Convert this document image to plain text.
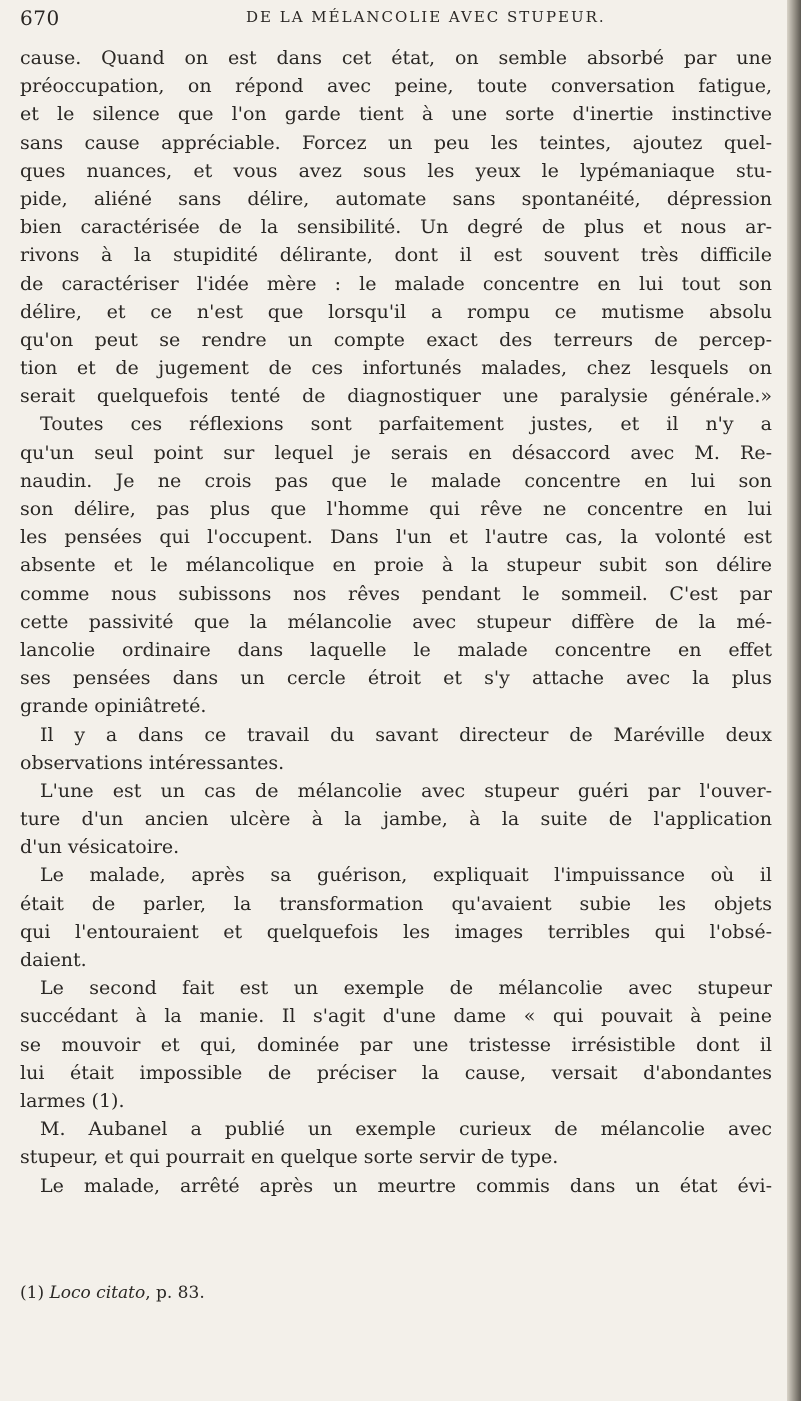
670	DE LA MÉLANCOLIE AVEC STUPEUR.
cause. Quand on est dans cet état, on semble absorbé par une
préoccupation, on répond avec peine, toute conversation fatigue,
et le silence que l'on garde tient à une sorte d'inertie instinctive
sans cause appréciable. Forcez un peu les teintes, ajoutez quel-
ques nuances, et vous avez sous les yeux le lypémaniaque stu-
pide, aliéné sans délire, automate sans spontanéité, dépression
bien caractérisée de la sensibilité. Un degré de plus et nous ar-
rivons à la stupidité délirante, dont il est souvent très difficile
de caractériser l'idée mère : le malade concentre en lui tout son
délire, et ce n'est que lorsqu'il a rompu ce mutisme absolu
qu'on peut se rendre un compte exact des terreurs de percep-
tion et de jugement de ces infortunés malades, chez lesquels on
serait quelquefois tenté de diagnostiquer une paralysie générale.»
Toutes ces réflexions sont parfaitement justes, et il n'y a
qu'un seul point sur lequel je serais en désaccord avec M. Re-
naudin. Je ne crois pas que le malade concentre en lui son
son délire, pas plus que l'homme qui rêve ne concentre en lui
les pensées qui l'occupent. Dans l'un et l'autre cas, la volonté est
absente et le mélancolique en proie à la stupeur subit son délire
comme nous subissons nos rêves pendant le sommeil. C'est par
cette passivité que la mélancolie avec stupeur diffère de la mé-
lancolie ordinaire dans laquelle le malade concentre en effet
ses pensées dans un cercle étroit et s'y attache avec la plus
grande opiniâtreté.
Il y a dans ce travail du savant directeur de Maréville deux
observations intéressantes.
L'une est un cas de mélancolie avec stupeur guéri par l'ouver-
ture d'un ancien ulcère à la jambe, à la suite de l'application
d'un vésicatoire.
Le malade, après sa guérison, expliquait l'impuissance où il
était de parler, la transformation qu'avaient subie les objets
qui l'entouraient et quelquefois les images terribles qui l'obsé-
daient.
Le second fait est un exemple de mélancolie avec stupeur
succédant à la manie. Il s'agit d'une dame « qui pouvait à peine
se mouvoir et qui, dominée par une tristesse irrésistible dont il
lui était impossible de préciser la cause, versait d'abondantes
larmes (1).
M. Aubanel a publié un exemple curieux de mélancolie avec
stupeur, et qui pourrait en quelque sorte servir de type.
Le malade, arrêté après un meurtre commis dans un état évi-
(1) Loco citato, p. 83.
